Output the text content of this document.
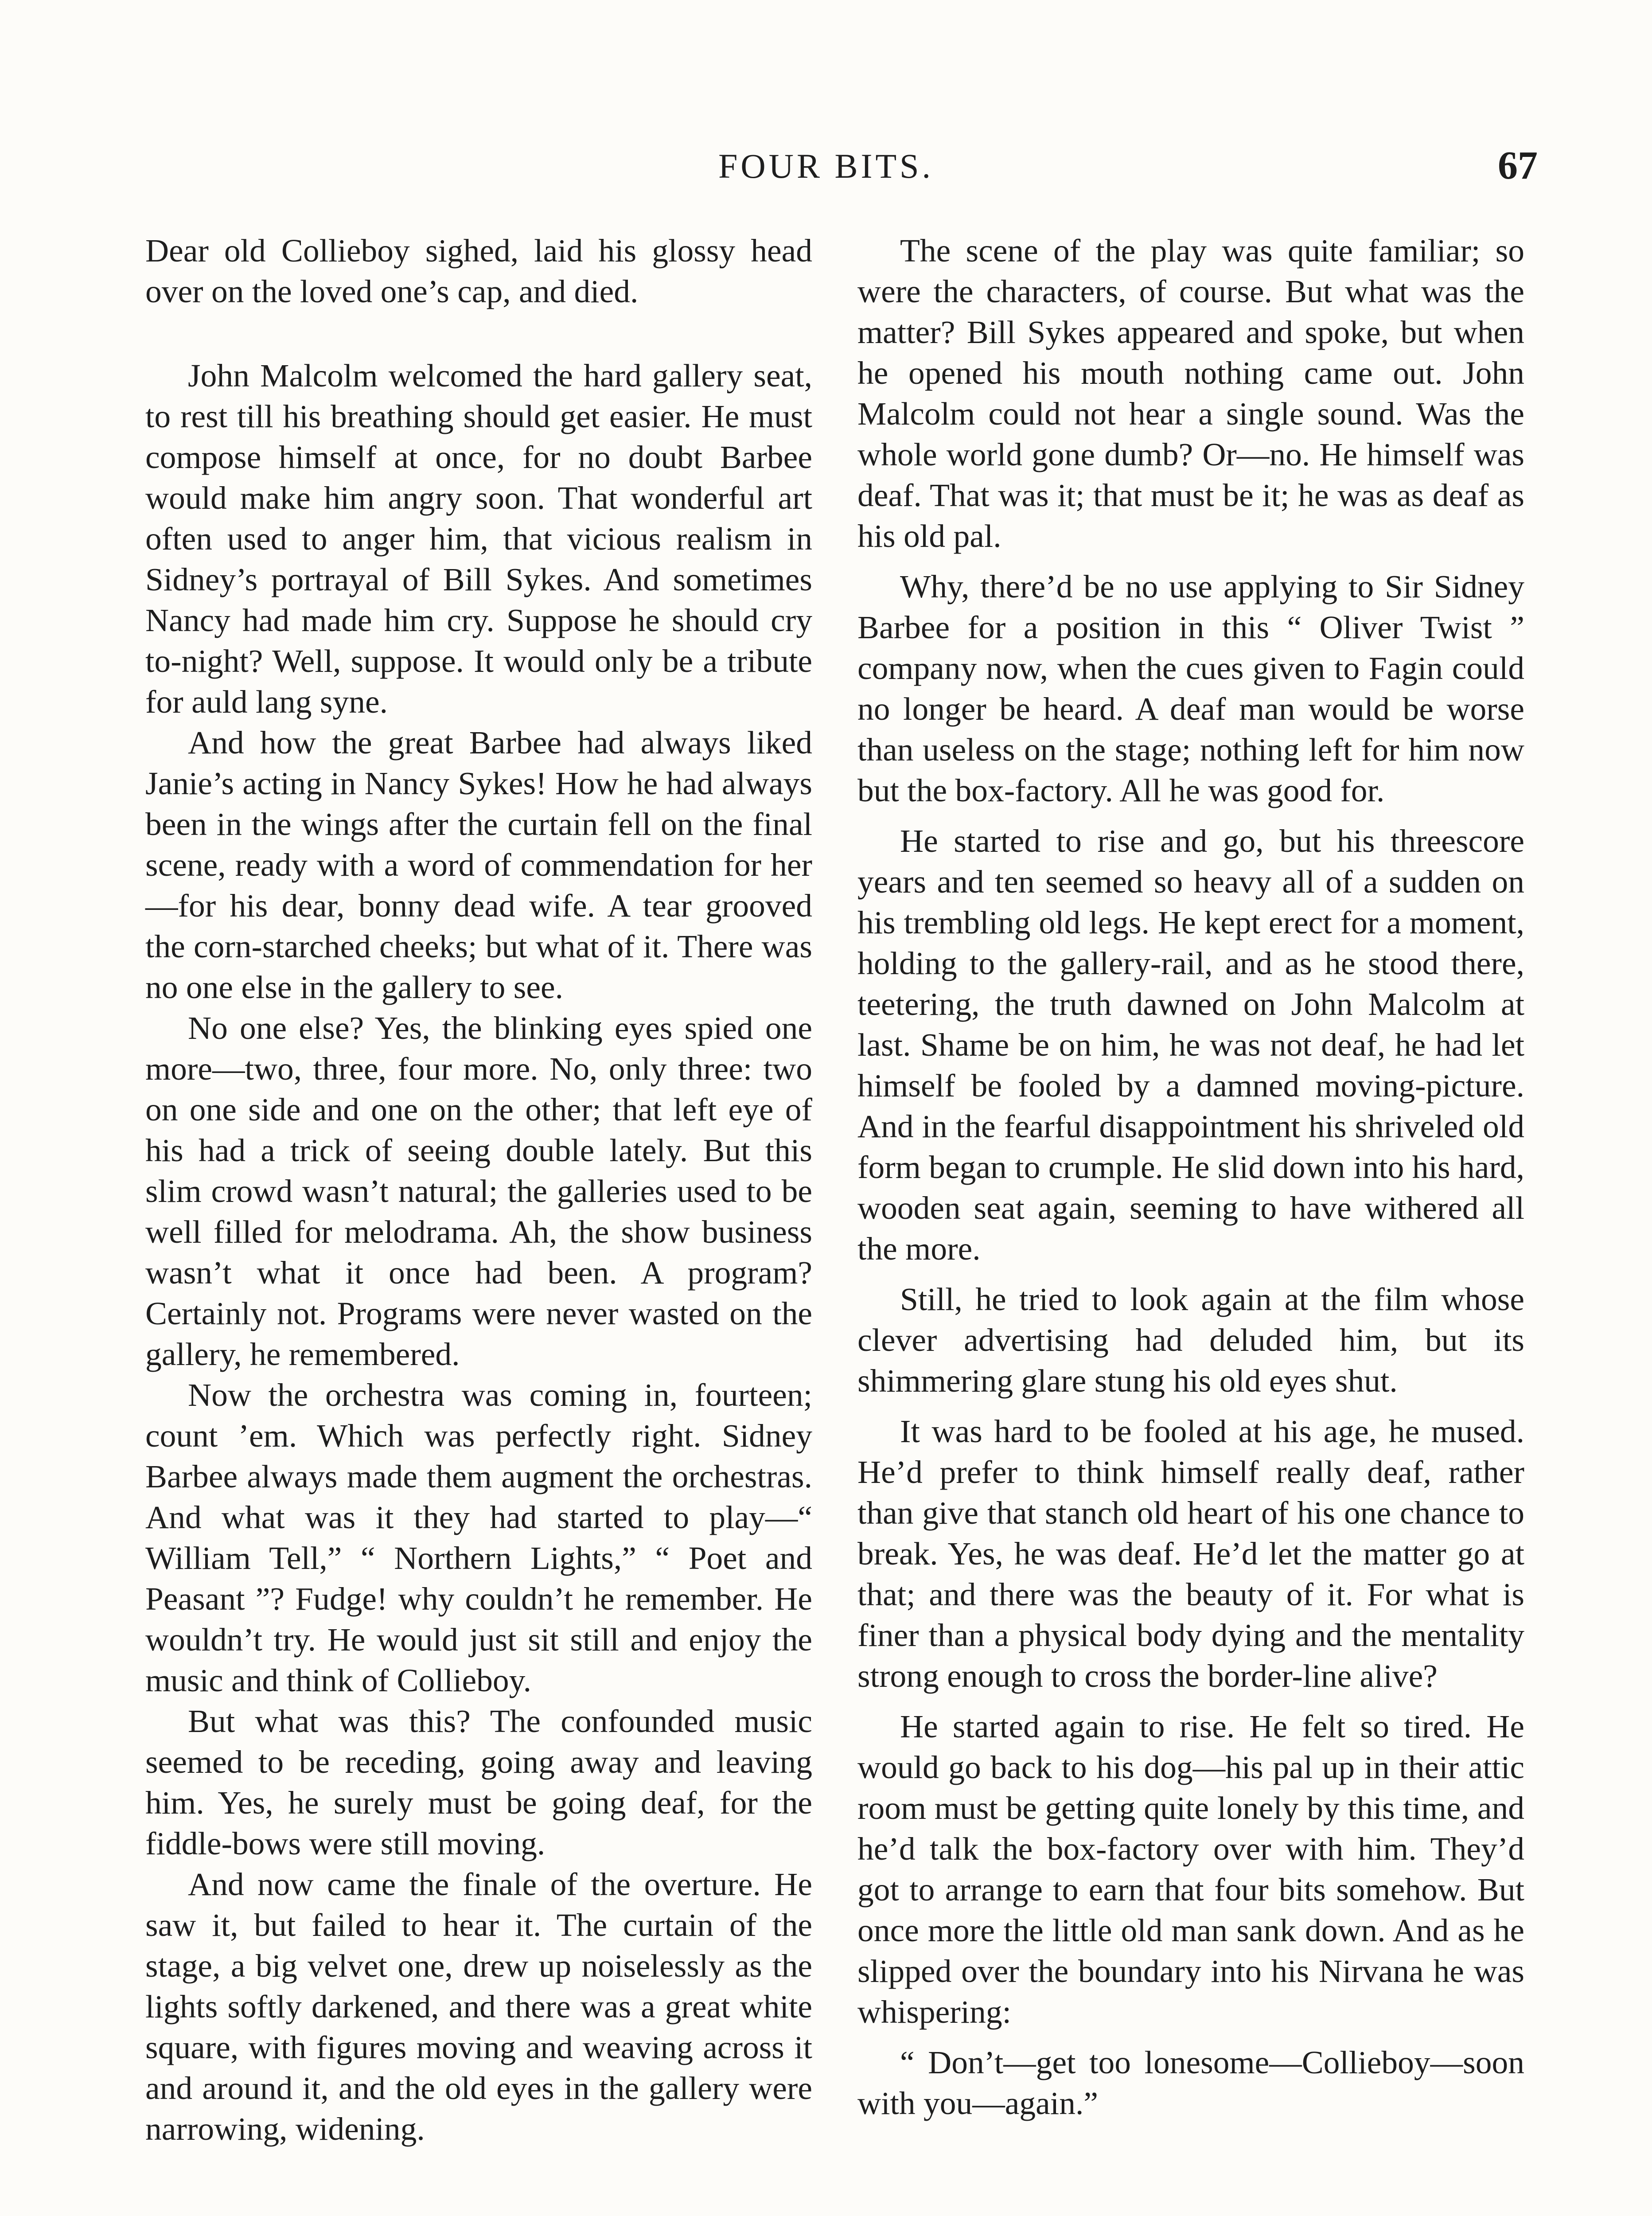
FOUR BITS.	67

Dear old Collieboy sighed, laid his glossy head over on the loved one’s cap, and died.

John Malcolm welcomed the hard gallery seat, to rest till his breathing should get easier. He must compose himself at once, for no doubt Barbee would make him angry soon. That wonderful art often used to anger him, that vicious realism in Sidney’s portrayal of Bill Sykes. And sometimes Nancy had made him cry. Suppose he should cry to-night? Well, suppose. It would only be a tribute for auld lang syne.

And how the great Barbee had always liked Janie’s acting in Nancy Sykes! How he had always been in the wings after the curtain fell on the final scene, ready with a word of commendation for her—for his dear, bonny dead wife. A tear grooved the corn-starched cheeks; but what of it. There was no one else in the gallery to see.

No one else? Yes, the blinking eyes spied one more—two, three, four more. No, only three: two on one side and one on the other; that left eye of his had a trick of seeing double lately. But this slim crowd wasn’t natural; the galleries used to be well filled for melodrama. Ah, the show business wasn’t what it once had been. A program? Certainly not. Programs were never wasted on the gallery, he remembered.

Now the orchestra was coming in, fourteen; count ’em. Which was perfectly right. Sidney Barbee always made them augment the orchestras. And what was it they had started to play—“ William Tell,” “ Northern Lights,” “ Poet and Peasant ”? Fudge! why couldn’t he remember. He wouldn’t try. He would just sit still and enjoy the music and think of Collieboy.

But what was this? The confounded music seemed to be receding, going away and leaving him. Yes, he surely must be going deaf, for the fiddle-bows were still moving.

And now came the finale of the overture. He saw it, but failed to hear it. The curtain of the stage, a big velvet one, drew up noiselessly as the lights softly darkened, and there was a great white square, with figures moving and weaving across it and around it, and the old eyes in the gallery were narrowing, widening.

The scene of the play was quite familiar; so were the characters, of course. But what was the matter? Bill Sykes appeared and spoke, but when he opened his mouth nothing came out. John Malcolm could not hear a single sound. Was the whole world gone dumb? Or—no. He himself was deaf. That was it; that must be it; he was as deaf as his old pal.

Why, there’d be no use applying to Sir Sidney Barbee for a position in this “ Oliver Twist ” company now, when the cues given to Fagin could no longer be heard. A deaf man would be worse than useless on the stage; nothing left for him now but the box-factory. All he was good for.

He started to rise and go, but his threescore years and ten seemed so heavy all of a sudden on his trembling old legs. He kept erect for a moment, holding to the gallery-rail, and as he stood there, teetering, the truth dawned on John Malcolm at last. Shame be on him, he was not deaf, he had let himself be fooled by a damned moving-picture. And in the fearful disappointment his shriveled old form began to crumple. He slid down into his hard, wooden seat again, seeming to have withered all the more.

Still, he tried to look again at the film whose clever advertising had deluded him, but its shimmering glare stung his old eyes shut.

It was hard to be fooled at his age, he mused. He’d prefer to think himself really deaf, rather than give that stanch old heart of his one chance to break. Yes, he was deaf. He’d let the matter go at that; and there was the beauty of it. For what is finer than a physical body dying and the mentality strong enough to cross the border-line alive?

He started again to rise. He felt so tired. He would go back to his dog—his pal up in their attic room must be getting quite lonely by this time, and he’d talk the box-factory over with him. They’d got to arrange to earn that four bits somehow. But once more the little old man sank down. And as he slipped over the boundary into his Nirvana he was whispering:

“ Don’t—get too lonesome—Collieboy—soon with you—again.”
